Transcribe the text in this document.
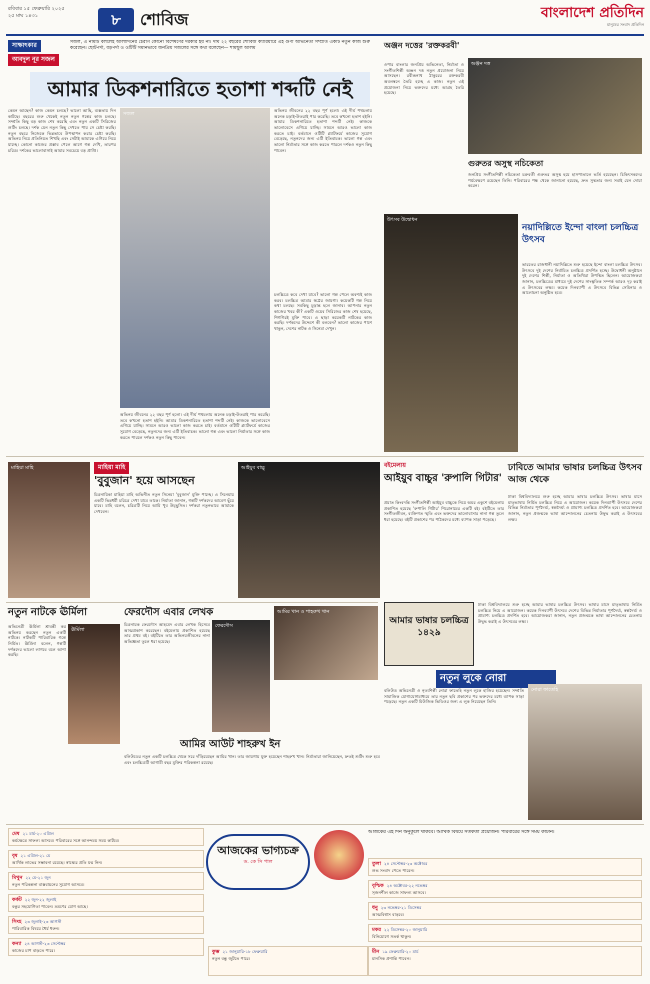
রবিবার ১৫ ফেব্রুয়ারি ২০২৫
২৫ মাঘ ১৪৩১	৮	শোবিজ	বাংলাদেশ প্রতিদিন
মানুষের সংবাদ প্রতিদিন
সাক্ষাৎকার
আবদুল নূর সজল
সজল, এ নামটি বললেই আলাদিনের চেরাগ কোনো বিশেষণের দরকার হয় না। দীর্ঘ ২২ বছরের শোবিজ ক্যারিয়ারে এই গুণী অভিনেতা সম্প্রতি একটি নতুন কাজ শুরু করেছেন। ছোটপর্দা, বড়পর্দা ও ওটিটি সমানভাবে জনপ্রিয় সজলের সঙ্গে কথা বলেছেন— শামছুল আলম
আমার ডিকশনারিতে হতাশা শব্দটি নেই
কেমন আছেন? কাজ কেমন চলছে? ভালো আছি, ব্যস্ততায় দিন কাটছে। বছরের শুরু থেকেই নতুন নতুন গল্পের কাজ চলছে। সম্প্রতি কিছু বড় কাজ শেষ করেছি এবং নতুন একটি সিরিজের শুটিং চলছে। দর্শক যেন নতুন কিছু দেখতে পায় সে চেষ্টা করছি। নতুন বছরে নিজেকে ভিন্নভাবে উপস্থাপন করার চেষ্টা করছি। অভিনয় নিয়ে প্রতিনিয়ত শিখছি এবং সেটাই আমাকে এগিয়ে নিয়ে যাচ্ছে। কোনো কাজের প্রস্তাব পেলে আগে গল্প দেখি, তারপর চরিত্র। দর্শকের ভালোবাসাই আমার সবচেয়ে বড় প্রাপ্তি।
সজল
অভিনয় জীবনের ২২ বছর পূর্ণ হলো। এই দীর্ঘ পথচলায় অনেক চড়াই-উতরাই পার করেছি। তবে কখনো হতাশ হইনি। আমার ডিকশনারিতে হতাশা শব্দটি নেই। কাজকে ভালোবেসে এগিয়ে যাচ্ছি। সামনে আরও ভালো কাজ করতে চাই। বর্তমানে ওটিটি প্ল্যাটফর্মে কাজের সুযোগ বেড়েছে, নতুনদের জন্য এটি ইতিবাচক। ভালো গল্প এবং ভালো নির্মাতার সঙ্গে কাজ করতে পারলে দর্শকও নতুন কিছু পাবেন।
চলচ্চিত্রে কবে দেখা যাবে? ভালো গল্প পেলে অবশ্যই কাজ করব। চলচ্চিত্র আমার স্বপ্নের জায়গা। কয়েকটি গল্প নিয়ে কথা চলছে। সবকিছু চূড়ান্ত হলে জানাব। আপনার নতুন কাজের খবর কী? একটি ওয়েব সিরিজের কাজ শেষ হয়েছে, শিগগিরই মুক্তি পাবে। এ ছাড়া কয়েকটি নাটকের কাজ করছি। দর্শকদের উদ্দেশে কী বলবেন? ভালো কাজের পাশে থাকুন, দেশের নাটক ও সিনেমা দেখুন।
অভিনয় জীবনের ২২ বছর পূর্ণ হলো। এই দীর্ঘ পথচলায় অনেক চড়াই-উতরাই পার করেছি। তবে কখনো হতাশ হইনি। আমার ডিকশনারিতে হতাশা শব্দটি নেই। কাজকে ভালোবেসে এগিয়ে যাচ্ছি। সামনে আরও ভালো কাজ করতে চাই। বর্তমানে ওটিটি প্ল্যাটফর্মে কাজের সুযোগ বেড়েছে, নতুনদের জন্য এটি ইতিবাচক। ভালো গল্প এবং ভালো নির্মাতার সঙ্গে কাজ করতে পারলে দর্শকও নতুন কিছু পাবেন।
অঞ্জন দত্তের 'রক্তকরবী'
ওপার বাংলার জনপ্রিয় অভিনেতা, নির্মাতা ও সংগীতশিল্পী অঞ্জন দত্ত নতুন প্রযোজনা নিয়ে আসছেন। রবীন্দ্রনাথ ঠাকুরের রক্তকরবী অবলম্বনে তৈরি হচ্ছে এ কাজ। নতুন এই প্রযোজনা নিয়ে ভক্তদের মধ্যে আগ্রহ তৈরি হয়েছে।
অঞ্জন দত্ত
গুরুতর অসুস্থ নচিকেতা
জনপ্রিয় সংগীতশিল্পী নচিকেতা চক্রবর্তী গুরুতর অসুস্থ হয়ে হাসপাতালে ভর্তি হয়েছেন। চিকিৎসকদের পর্যবেক্ষণে রয়েছেন তিনি। পরিবারের পক্ষ থেকে জানানো হয়েছে, দ্রুত সুস্থতার জন্য সবাই যেন দোয়া করেন।
উৎসব উদ্বোধন
নয়াদিল্লিতে ইন্দো বাংলা চলচ্চিত্র উৎসব
ভারতের রাজধানী নয়াদিল্লিতে শুরু হয়েছে ইন্দো বাংলা চলচ্চিত্র উৎসব। উৎসবে দুই দেশের নির্বাচিত চলচ্চিত্র প্রদর্শিত হচ্ছে। উদ্বোধনী অনুষ্ঠানে দুই দেশের শিল্পী, নির্মাতা ও অতিথিরা উপস্থিত ছিলেন। আয়োজকরা জানান, চলচ্চিত্রের মাধ্যমে দুই দেশের সাংস্কৃতিক সম্পর্ক আরও দৃঢ় করাই এ উৎসবের লক্ষ্য। কয়েক দিনব্যাপী এ উৎসবে বিভিন্ন সেমিনার ও আলোচনা অনুষ্ঠিত হবে।
মাহিয়া মাহি
'বুবুজান' হয়ে আসছেন
চিত্রনায়িকা মাহিয়া মাহি অভিনীত নতুন সিনেমা 'বুবুজান' মুক্তি পাচ্ছে। এ সিনেমায় একটি ভিন্নধর্মী চরিত্রে দেখা যাবে তাকে। নির্মাতা জানান, গল্পটি দর্শকদের আবেগ ছুঁয়ে যাবে। মাহি বলেন, চরিত্রটি নিয়ে আমি খুব উচ্ছ্বসিত। দর্শকরা নতুনভাবে আমাকে দেখবেন।
মাহিয়া মাহি	আইয়ুব বাচ্চু	বইমেলায়
আইয়ুব বাচ্চুর 'রুপালি গিটার'
প্রয়াত কিংবদন্তি সংগীতশিল্পী আইয়ুব বাচ্চুকে নিয়ে অমর একুশে বইমেলায় প্রকাশিত হয়েছে 'রুপালি গিটার' শিরোনামের একটি বই। বইটিতে তার সংগীতজীবন, ব্যক্তিগত স্মৃতি এবং ভক্তদের ভালোবাসার নানা গল্প তুলে ধরা হয়েছে। বইটি প্রকাশের পর পাঠকদের মধ্যে ব্যাপক সাড়া পড়েছে।
ঢাবিতে আমার ভাষার চলচ্চিত্র উৎসব আজ থেকে
আমার ভাষার চলচ্চিত্র ১৪২৯
ঢাকা বিশ্ববিদ্যালয়ে শুরু হচ্ছে আমার ভাষার চলচ্চিত্র উৎসব। ভাষার মাসে মাতৃভাষায় নির্মিত চলচ্চিত্র নিয়ে এ আয়োজন। কয়েক দিনব্যাপী উৎসবে দেশের বিভিন্ন নির্মাতার পূর্ণদৈর্ঘ্য, স্বল্পদৈর্ঘ্য ও প্রামাণ্য চলচ্চিত্র প্রদর্শিত হবে। আয়োজকরা জানান, নতুন প্রজন্মকে ভাষা আন্দোলনের চেতনায় উদ্বুদ্ধ করাই এ উৎসবের লক্ষ্য।
ঢাকা বিশ্ববিদ্যালয়ে শুরু হচ্ছে আমার ভাষার চলচ্চিত্র উৎসব। ভাষার মাসে মাতৃভাষায় নির্মিত চলচ্চিত্র নিয়ে এ আয়োজন। কয়েক দিনব্যাপী উৎসবে দেশের বিভিন্ন নির্মাতার পূর্ণদৈর্ঘ্য, স্বল্পদৈর্ঘ্য ও প্রামাণ্য চলচ্চিত্র প্রদর্শিত হবে। আয়োজকরা জানান, নতুন প্রজন্মকে ভাষা আন্দোলনের চেতনায় উদ্বুদ্ধ করাই এ উৎসবের লক্ষ্য।
নতুন নাটকে ঊর্মিলা
অভিনেত্রী ঊর্মিলা শ্রাবন্তী কর অভিনয় করছেন নতুন একটি নাটকে। নাটকটি পারিবারিক গল্পে নির্মিত। ঊর্মিলা বলেন, গল্পটি দর্শকদের ভালো লাগবে বলে আশা করছি।
ঊর্মিলা
ফেরদৌস এবার লেখক
চিত্রনায়ক ফেরদৌস আহমেদ এবার লেখক হিসেবে আত্মপ্রকাশ করেছেন। বইমেলায় প্রকাশিত হয়েছে তার প্রথম বই। বইটিতে তার অভিনয়জীবনের নানা অভিজ্ঞতা তুলে ধরা হয়েছে।
ফেরদৌস
আমির খান ও শাহরুখ খান
আমির আউট শাহরুখ ইন
বলিউডের নতুন একটি চলচ্চিত্র থেকে সরে দাঁড়িয়েছেন আমির খান। তার জায়গায় যুক্ত হয়েছেন শাহরুখ খান। নির্মাতারা জানিয়েছেন, দ্রুতই শুটিং শুরু হবে এবং চলচ্চিত্রটি আগামী বছর মুক্তির পরিকল্পনা রয়েছে।
নতুন লুকে নোরা
বলিউড অভিনেত্রী ও নৃত্যশিল্পী নোরা ফাতেহি নতুন লুকে হাজির হয়েছেন। সম্প্রতি সামাজিক যোগাযোগমাধ্যমে তার নতুন ছবি প্রকাশের পর ভক্তদের মধ্যে ব্যাপক সাড়া পড়েছে। নতুন একটি মিউজিক ভিডিওর জন্য এ লুক নিয়েছেন তিনি।
নোরা ফাতেহি
আজকের ভাগ্যচক্র
ড. কে সি পাল
আজকের এই দিন অনুকূলে থাকবে। আর্থিক বিষয়ে সতর্কতা প্রয়োজন। পরিবারের সঙ্গে সময় কাটান।
মেষ ২১ মার্চ-২০ এপ্রিল
কর্মক্ষেত্রে সাফল্য আসবে। পরিবারের সঙ্গে আনন্দময় সময় কাটবে।
বৃষ ২১ এপ্রিল-২১ মে
আর্থিক লাভের সম্ভাবনা রয়েছে। স্বাস্থ্যের প্রতি যত্ন নিন।
মিথুন ২২ মে-২১ জুন
নতুন পরিকল্পনা বাস্তবায়নের সুযোগ আসবে।
কর্কট ২২ জুন-২২ জুলাই
বন্ধুর সহযোগিতা পাবেন। ভ্রমণের যোগ আছে।
সিংহ ২৩ জুলাই-২৩ আগস্ট
পারিবারিক বিষয়ে ধৈর্য ধরুন।
কন্যা ২৪ আগস্ট-২৩ সেপ্টেম্বর
কাজের চাপ বাড়তে পারে।
তুলা ২৪ সেপ্টেম্বর-২৩ অক্টোবর
শুভ সংবাদ পেতে পারেন।
বৃশ্চিক ২৪ অক্টোবর-২২ নভেম্বর
সৃজনশীল কাজে সাফল্য আসবে।
ধনু ২৩ নভেম্বর-২১ ডিসেম্বর
আত্মবিশ্বাস বাড়বে।
মকর ২২ ডিসেম্বর-২০ জানুয়ারি
বিনিয়োগে সতর্ক থাকুন।
কুম্ভ ২১ জানুয়ারি-১৮ ফেব্রুয়ারি
নতুন বন্ধু জুটতে পারে।
মীন ১৯ ফেব্রুয়ারি-২০ মার্চ
মানসিক প্রশান্তি পাবেন।
